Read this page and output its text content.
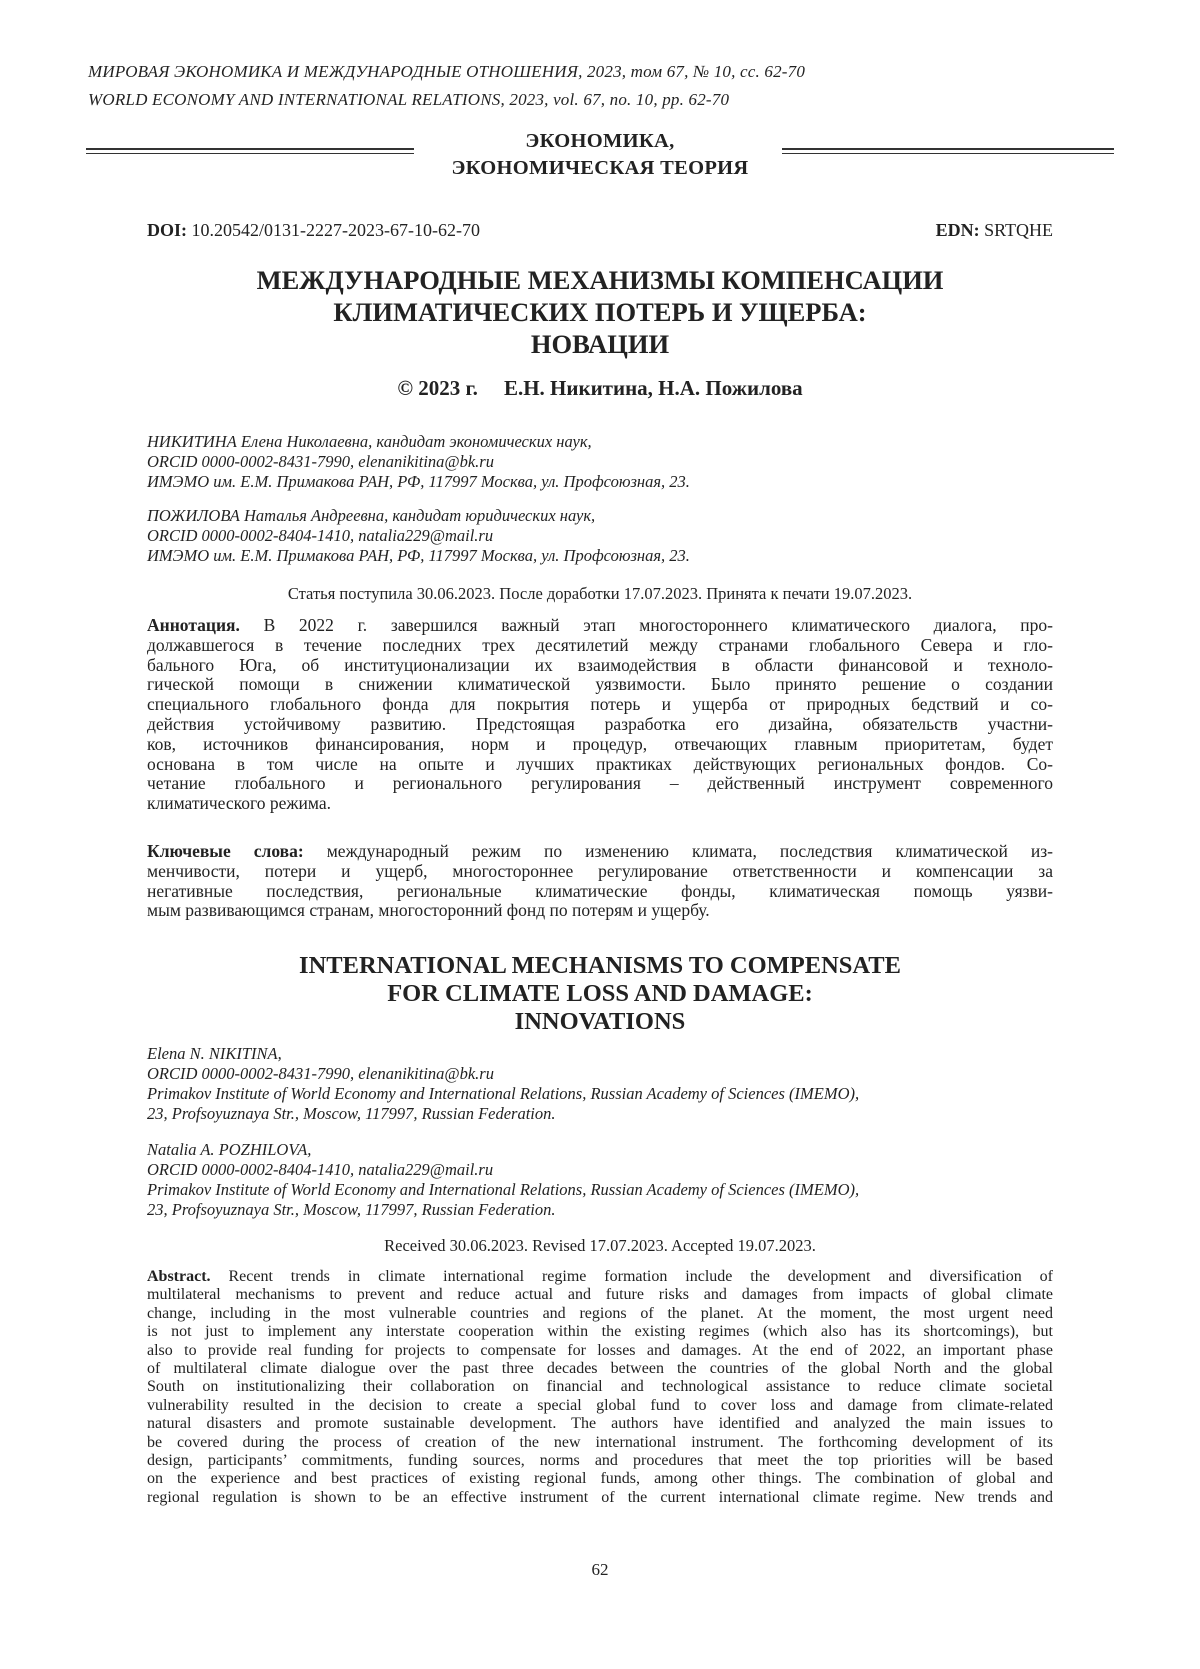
МИРОВАЯ ЭКОНОМИКА И МЕЖДУНАРОДНЫЕ ОТНОШЕНИЯ, 2023, том 67, № 10, сс. 62-70
WORLD ECONOMY AND INTERNATIONAL RELATIONS, 2023, vol. 67, no. 10, pp. 62-70
ЭКОНОМИКА,
ЭКОНОМИЧЕСКАЯ ТЕОРИЯ
DOI: 10.20542/0131-2227-2023-67-10-62-70	EDN: SRTQHE
МЕЖДУНАРОДНЫЕ МЕХАНИЗМЫ КОМПЕНСАЦИИ
КЛИМАТИЧЕСКИХ ПОТЕРЬ И УЩЕРБА:
НОВАЦИИ
© 2023 г. Е.Н. Никитина, Н.А. Пожилова
НИКИТИНА Елена Николаевна, кандидат экономических наук,
ORCID 0000-0002-8431-7990, elenanikitina@bk.ru
ИМЭМО им. Е.М. Примакова РАН, РФ, 117997 Москва, ул. Профсоюзная, 23.
ПОЖИЛОВА Наталья Андреевна, кандидат юридических наук,
ORCID 0000-0002-8404-1410, natalia229@mail.ru
ИМЭМО им. Е.М. Примакова РАН, РФ, 117997 Москва, ул. Профсоюзная, 23.
Статья поступила 30.06.2023. После доработки 17.07.2023. Принята к печати 19.07.2023.
Аннотация. В 2022 г. завершился важный этап многостороннего климатического диалога, про-
должавшегося в течение последних трех десятилетий между странами глобального Севера и гло-
бального Юга, об институционализации их взаимодействия в области финансовой и техноло-
гической помощи в снижении климатической уязвимости. Было принято решение о создании
специального глобального фонда для покрытия потерь и ущерба от природных бедствий и со-
действия устойчивому развитию. Предстоящая разработка его дизайна, обязательств участни-
ков, источников финансирования, норм и процедур, отвечающих главным приоритетам, будет
основана в том числе на опыте и лучших практиках действующих региональных фондов. Со-
четание глобального и регионального регулирования – действенный инструмент современного
климатического режима.
Ключевые слова: международный режим по изменению климата, последствия климатической из-
менчивости, потери и ущерб, многостороннее регулирование ответственности и компенсации за
негативные последствия, региональные климатические фонды, климатическая помощь уязви-
мым развивающимся странам, многосторонний фонд по потерям и ущербу.
INTERNATIONAL MECHANISMS TO COMPENSATE
FOR CLIMATE LOSS AND DAMAGE:
INNOVATIONS
Elena N. NIKITINA,
ORCID 0000-0002-8431-7990, elenanikitina@bk.ru
Primakov Institute of World Economy and International Relations, Russian Academy of Sciences (IMEMO),
23, Profsoyuznaya Str., Moscow, 117997, Russian Federation.
Natalia A. POZHILOVA,
ORCID 0000-0002-8404-1410, natalia229@mail.ru
Primakov Institute of World Economy and International Relations, Russian Academy of Sciences (IMEMO),
23, Profsoyuznaya Str., Moscow, 117997, Russian Federation.
Received 30.06.2023. Revised 17.07.2023. Accepted 19.07.2023.
Abstract. Recent trends in climate international regime formation include the development and diversification of
multilateral mechanisms to prevent and reduce actual and future risks and damages from impacts of global climate
change, including in the most vulnerable countries and regions of the planet. At the moment, the most urgent need
is not just to implement any interstate cooperation within the existing regimes (which also has its shortcomings), but
also to provide real funding for projects to compensate for losses and damages. At the end of 2022, an important phase
of multilateral climate dialogue over the past three decades between the countries of the global North and the global
South on institutionalizing their collaboration on financial and technological assistance to reduce climate societal
vulnerability resulted in the decision to create a special global fund to cover loss and damage from climate-related
natural disasters and promote sustainable development. The authors have identified and analyzed the main issues to
be covered during the process of creation of the new international instrument. The forthcoming development of its
design, participants’ commitments, funding sources, norms and procedures that meet the top priorities will be based
on the experience and best practices of existing regional funds, among other things. The combination of global and
regional regulation is shown to be an effective instrument of the current international climate regime. New trends and
62
